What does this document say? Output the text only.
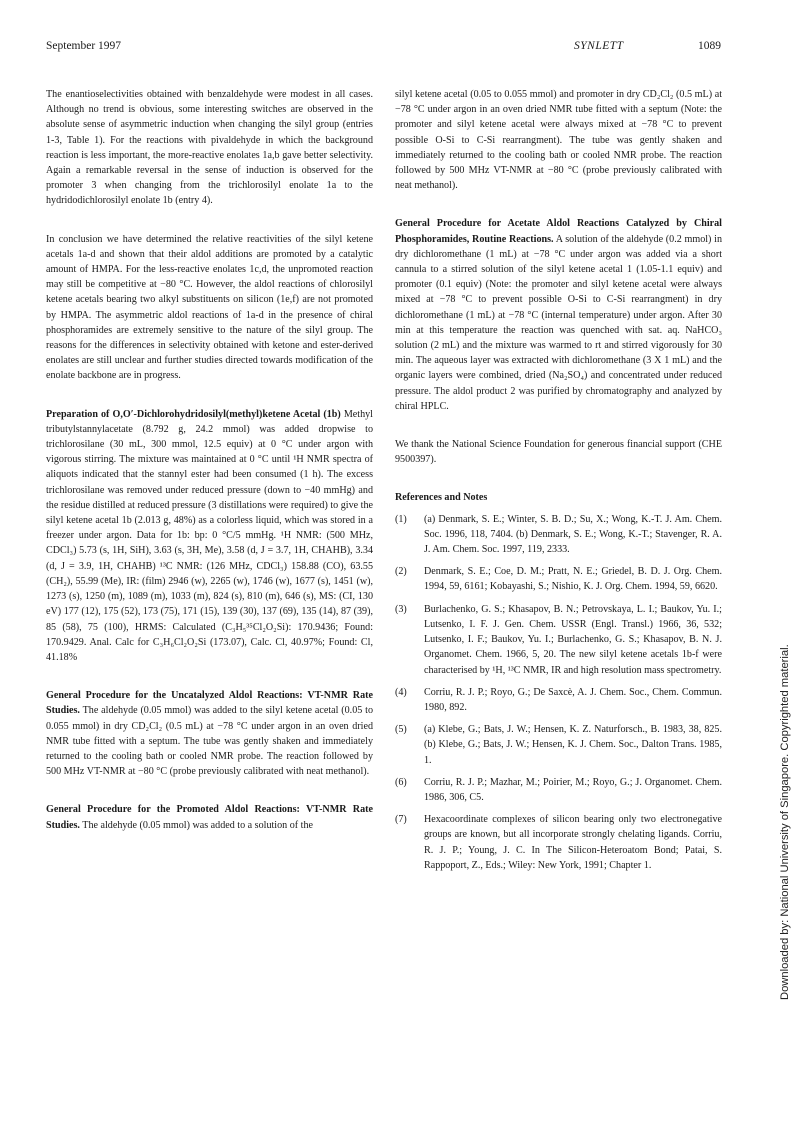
September 1997	SYNLETT	1089

The enantioselectivities obtained with benzaldehyde were modest in all cases. Although no trend is obvious, some interesting switches are observed in the absolute sense of asymmetric induction when changing the silyl group (entries 1-3, Table 1). For the reactions with pivaldehyde in which the background reaction is less important, the more-reactive enolates 1a,b gave better selectivity. Again a remarkable reversal in the sense of induction is observed for the promoter 3 when changing from the trichlorosilyl enolate 1a to the hydridodichlorosilyl enolate 1b (entry 4).

In conclusion we have determined the relative reactivities of the silyl ketene acetals 1a-d and shown that their aldol additions are promoted by a catalytic amount of HMPA. For the less-reactive enolates 1c,d, the unpromoted reaction may still be competitive at −80 °C. However, the aldol reactions of chlorosilyl ketene acetals bearing two alkyl substituents on silicon (1e,f) are not promoted by HMPA. The asymmetric aldol reactions of 1a-d in the presence of chiral phosphoramides are extremely sensitive to the nature of the silyl group. The reasons for the differences in selectivity obtained with ketone and ester-derived enolates are still unclear and further studies directed towards modification of the enolate backbone are in progress.

Preparation of O,O′-Dichlorohydridosilyl(methyl)ketene Acetal (1b) Methyl tributylstannylacetate (8.792 g, 24.2 mmol) was added dropwise to trichlorosilane (30 mL, 300 mmol, 12.5 equiv) at 0 °C under argon with vigorous stirring. The mixture was maintained at 0 °C until ¹H NMR spectra of aliquots indicated that the stannyl ester had been consumed (1 h). The excess trichlorosilane was removed under reduced pressure (down to −40 mmHg) and the residue distilled at reduced pressure (3 distillations were required) to give the silyl ketene acetal 1b (2.013 g, 48%) as a colorless liquid, which was stored in a freezer under argon. Data for 1b: bp: 0 °C/5 mmHg. ¹H NMR: (500 MHz, CDCl₃) 5.73 (s, 1H, SiH), 3.63 (s, 3H, Me), 3.58 (d, J = 3.7, 1H, CHAHB), 3.34 (d, J = 3.9, 1H, CHAHB) ¹³C NMR: (126 MHz, CDCl₃) 158.88 (CO), 63.55 (CH₂), 55.99 (Me), IR: (film) 2946 (w), 2265 (w), 1746 (w), 1677 (s), 1451 (w), 1273 (s), 1250 (m), 1089 (m), 1033 (m), 824 (s), 810 (m), 646 (s), MS: (CI, 130 eV) 177 (12), 175 (52), 173 (75), 171 (15), 139 (30), 137 (69), 135 (14), 87 (39), 85 (58), 75 (100), HRMS: Calculated (C₃H₅³⁵Cl₂O₂Si): 170.9436; Found: 170.9429. Anal. Calc for C₃H₆Cl₂O₂Si (173.07), Calc. Cl, 40.97%; Found: Cl, 41.18%

General Procedure for the Uncatalyzed Aldol Reactions: VT-NMR Rate Studies. The aldehyde (0.05 mmol) was added to the silyl ketene acetal (0.05 to 0.055 mmol) in dry CD₂Cl₂ (0.5 mL) at −78 °C under argon in an oven dried NMR tube fitted with a septum. The tube was gently shaken and immediately returned to the cooling bath or cooled NMR probe. The reaction followed by 500 MHz VT-NMR at −80 °C (probe previously calibrated with neat methanol).

General Procedure for the Promoted Aldol Reactions: VT-NMR Rate Studies. The aldehyde (0.05 mmol) was added to a solution of the

silyl ketene acetal (0.05 to 0.055 mmol) and promoter in dry CD₂Cl₂ (0.5 mL) at −78 °C under argon in an oven dried NMR tube fitted with a septum (Note: the promoter and silyl ketene acetal were always mixed at −78 °C to prevent possible O-Si to C-Si rearrangment). The tube was gently shaken and immediately returned to the cooling bath or cooled NMR probe. The reaction followed by 500 MHz VT-NMR at −80 °C (probe previously calibrated with neat methanol).

General Procedure for Acetate Aldol Reactions Catalyzed by Chiral Phosphoramides, Routine Reactions. A solution of the aldehyde (0.2 mmol) in dry dichloromethane (1 mL) at −78 °C under argon was added via a short cannula to a stirred solution of the silyl ketene acetal 1 (1.05-1.1 equiv) and promoter (0.1 equiv) (Note: the promoter and silyl ketene acetal were always mixed at −78 °C to prevent possible O-Si to C-Si rearrangment) in dry dichloromethane (1 mL) at −78 °C (internal temperature) under argon. After 30 min at this temperature the reaction was quenched with sat. aq. NaHCO₃ solution (2 mL) and the mixture was warmed to rt and stirred vigorously for 30 min. The aqueous layer was extracted with dichloromethane (3 X 1 mL) and the organic layers were combined, dried (Na₂SO₄) and concentrated under reduced pressure. The aldol product 2 was purified by chromatography and analyzed by chiral HPLC.

We thank the National Science Foundation for generous financial support (CHE 9500397).

References and Notes

(1) (a) Denmark, S. E.; Winter, S. B. D.; Su, X.; Wong, K.-T. J. Am. Chem. Soc. 1996, 118, 7404. (b) Denmark, S. E.; Wong, K.-T.; Stavenger, R. A. J. Am. Chem. Soc. 1997, 119, 2333.
(2) Denmark, S. E.; Coe, D. M.; Pratt, N. E.; Griedel, B. D. J. Org. Chem. 1994, 59, 6161; Kobayashi, S.; Nishio, K. J. Org. Chem. 1994, 59, 6620.
(3) Burlachenko, G. S.; Khasapov, B. N.; Petrovskaya, L. I.; Baukov, Yu. I.; Lutsenko, I. F. J. Gen. Chem. USSR (Engl. Transl.) 1966, 36, 532; Lutsenko, I. F.; Baukov, Yu. I.; Burlachenko, G. S.; Khasapov, B. N. J. Organomet. Chem. 1966, 5, 20. The new silyl ketene acetals 1b-f were characterised by ¹H, ¹³C NMR, IR and high resolution mass spectrometry.
(4) Corriu, R. J. P.; Royo, G.; De Saxcè, A. J. Chem. Soc., Chem. Commun. 1980, 892.
(5) (a) Klebe, G.; Bats, J. W.; Hensen, K. Z. Naturforsch., B. 1983, 38, 825. (b) Klebe, G.; Bats, J. W.; Hensen, K. J. Chem. Soc., Dalton Trans. 1985, 1.
(6) Corriu, R. J. P.; Mazhar, M.; Poirier, M.; Royo, G.; J. Organomet. Chem. 1986, 306, C5.
(7) Hexacoordinate complexes of silicon bearing only two electronegative groups are known, but all incorporate strongly chelating ligands. Corriu, R. J. P.; Young, J. C. In The Silicon-Heteroatom Bond; Patai, S. Rappoport, Z., Eds.; Wiley: New York, 1991; Chapter 1.	Downloaded by: National University of Singapore. Copyrighted material.
